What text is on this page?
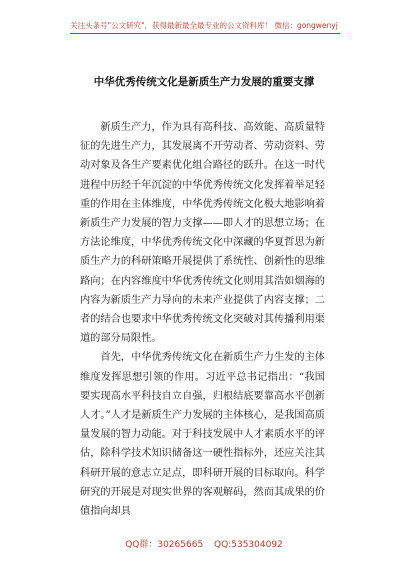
关注头条号"公文研究"，获得最新最全最专业的公文资料库！ 微信：gongwenyj
中华优秀传统文化是新质生产力发展的重要支撑

新质生产力，作为具有高科技、高效能、高质量特征的先进生产力，其发展离不开劳动者、劳动资料、劳动对象及各生产要素优化组合路径的跃升。在这一时代进程中历经千年沉淀的中华优秀传统文化发挥着举足轻重的作用在主体维度，中华优秀传统文化极大地影响着新质生产力发展的智力支撑——即人才的思想立场；在方法论维度，中华优秀传统文化中深藏的华夏哲思为新质生产力的科研策略开展提供了系统性、创新性的思维路向；在内容维度中华优秀传统文化则用其浩如烟海的内容为新质生产力导向的未来产业提供了内容支撑；二者的结合也要求中华优秀传统文化突破对其传播利用渠道的部分局限性。

首先，中华优秀传统文化在新质生产力生发的主体维度发挥思想引领的作用。习近平总书记指出：“我国要实现高水平科技自立自强，归根结底要靠高水平创新人才。”人才是新质生产力发展的主体核心，是我国高质量发展的智力动能。对于科技发展中人才素质水平的评估，除科学技术知识储备这一硬性指标外，还应关注其科研开展的意志立足点，即科研开展的目标取向。科学研究的开展是对现实世界的客观解码，然而其成果的价值指向却具

QQ群：30265665 QQ:535304092
